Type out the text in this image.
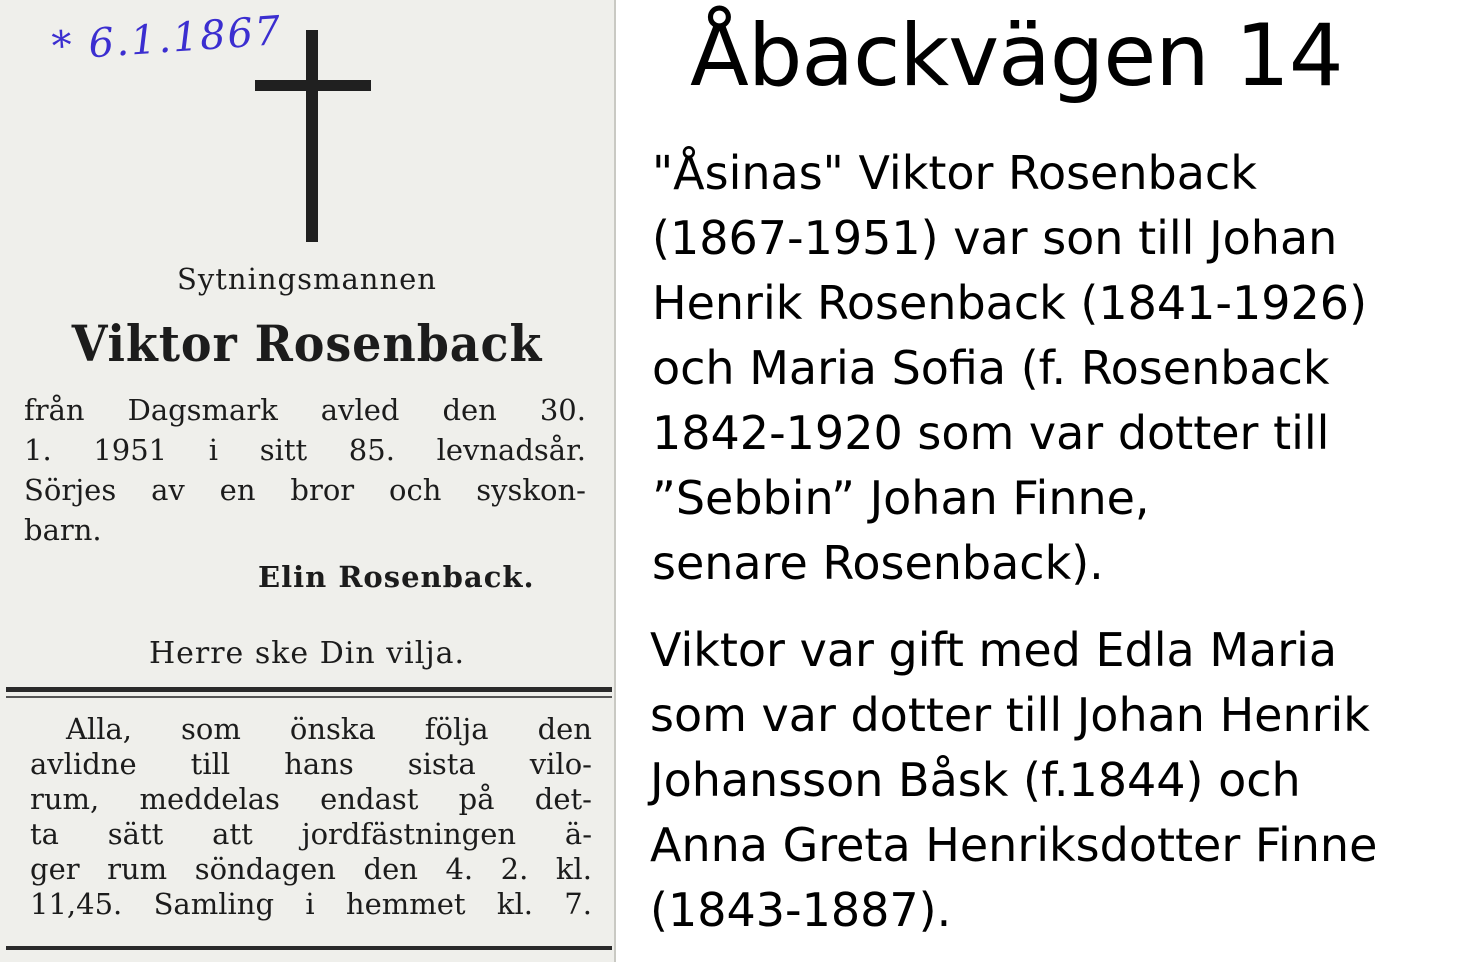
* 6.1.1867

Sytningsmannen

Viktor Rosenback

från Dagsmark avled den 30.
1. 1951 i sitt 85. levnadsår.
Sörjes av en bror och syskon-
barn.

Elin Rosenback.

Herre ske Din vilja.

Alla, som önska följa den
avlidne till hans sista vilo-
rum, meddelas endast på det-
ta sätt att jordfästningen ä-
ger rum söndagen den 4. 2. kl.
11,45. Samling i hemmet kl. 7.
Åbackvägen 14

"Åsinas" Viktor Rosenback
(1867-1951) var son till Johan
Henrik Rosenback (1841-1926)
och Maria Sofia (f. Rosenback
1842-1920 som var dotter till
”Sebbin” Johan Finne,
senare Rosenback).

Viktor var gift med Edla Maria
som var dotter till Johan Henrik
Johansson Båsk (f.1844) och
Anna Greta Henriksdotter Finne
(1843-1887).
